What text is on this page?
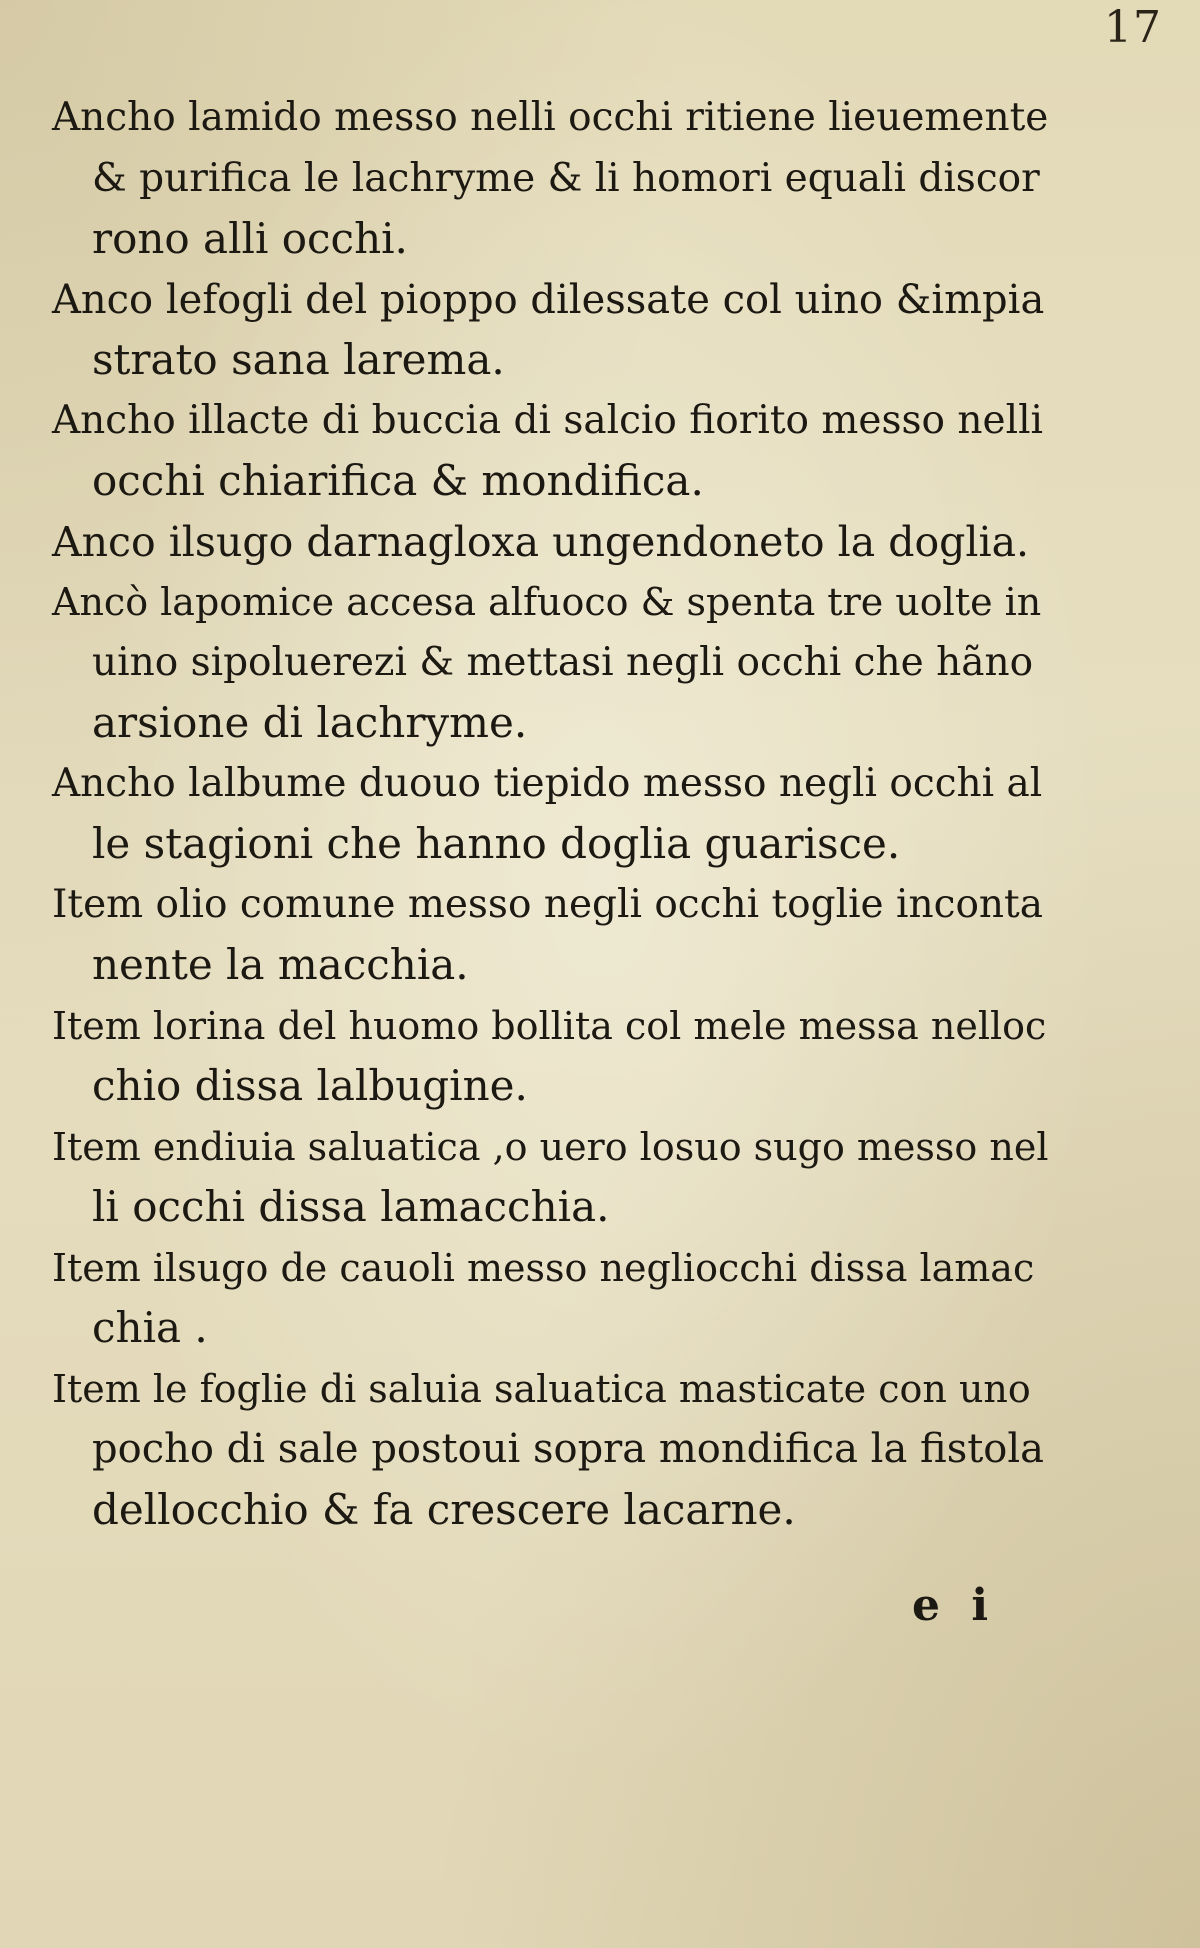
17
Ancho lamido messo nelli occhi ritiene lieuemente
& purifica le lachryme & li homori equali discor
rono alli occhi.
Anco lefogli del pioppo dilessate col uino &impia
strato sana larema.
Ancho illacte di buccia di salcio fiorito messo nelli
occhi chiarifica & mondifica.
Anco ilsugo darnagloxa ungendoneto la doglia.
Ancò lapomice accesa alfuoco & spenta tre uolte in
uino sipoluerezi & mettasi negli occhi che hãno
arsione di lachryme.
Ancho lalbume duouo tiepido messo negli occhi al
le stagioni che hanno doglia guarisce.
Item olio comune messo negli occhi toglie inconta
nente la macchia.
Item lorina del huomo bollita col mele messa nelloc
chio dissa lalbugine.
Item endiuia saluatica ,o uero losuo sugo messo nel
li occhi dissa lamacchia.
Item ilsugo de cauoli messo negliocchi dissa lamac
chia .
Item le foglie di saluia saluatica masticate con uno
pocho di sale postoui sopra mondifica la fistola
dellocchio & fa crescere lacarne.
e i
